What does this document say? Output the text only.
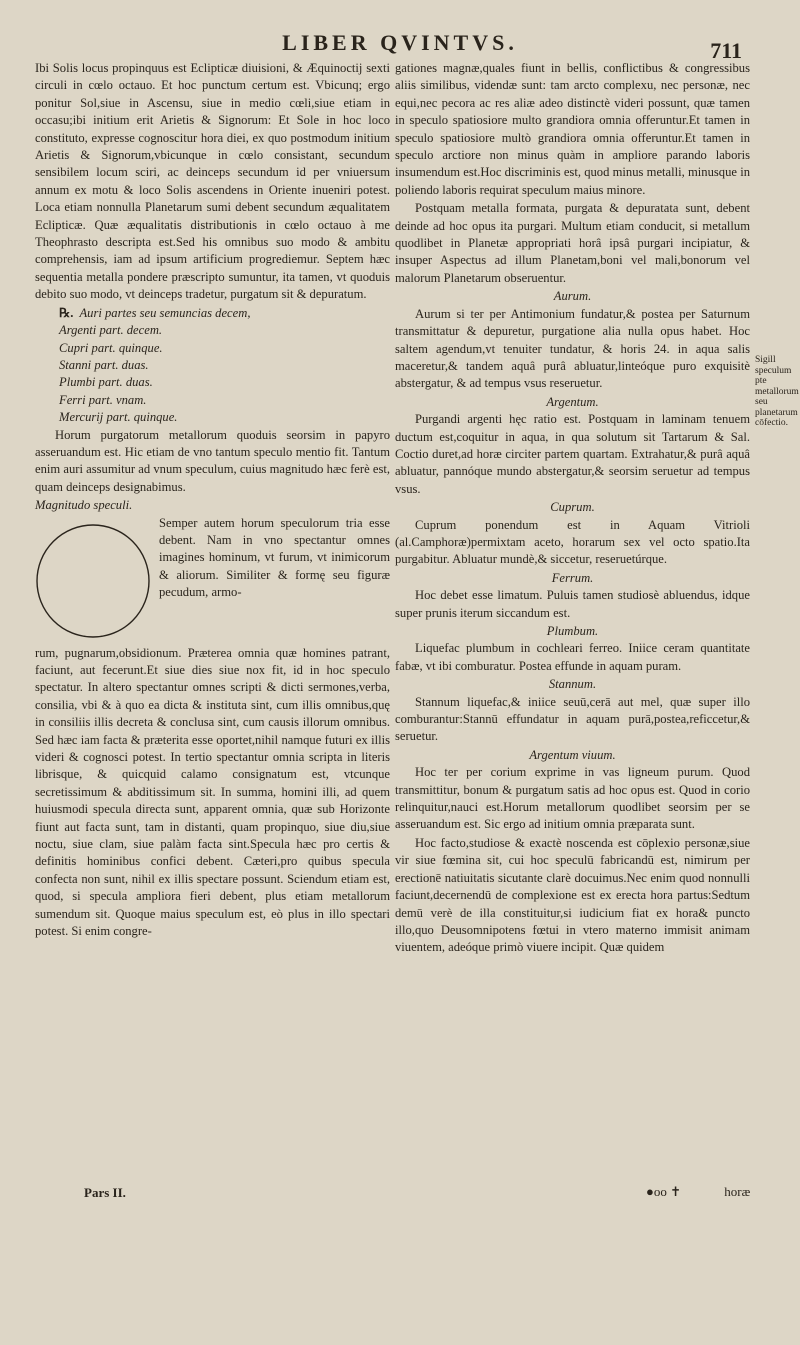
LIBER QVINTVS.	711

Ibi Solis locus propinquus est Eclipticæ diuisioni, & Æquinoctij sexti circuli in cœlo octauo. Et hoc punctum certum est. Vbicunq; ergo ponitur Sol,siue in Ascensu, siue in medio cœli,siue etiam in occasu;ibi initium erit Arietis & Signorum: Et Sole in hoc loco constituto, expresse cognoscitur hora diei, ex quo postmodum initium Arietis & Signorum,vbicunque in cœlo consistant, secundum sensibilem locum sciri, ac deinceps secundum id per vniuersum annum ex motu & loco Solis ascendens in Oriente inueniri potest. Loca etiam nonnulla Planetarum sumi debent secundum æqualitatem Eclipticæ. Quæ æqualitatis distributionis in cœlo octauo à me Theophrasto descripta est.Sed his omnibus suo modo & ambitu comprehensis, iam ad ipsum artificium progrediemur. Septem hæc sequentia metalla pondere præscripto sumuntur, ita tamen, vt quoduis debito suo modo, vt deinceps tradetur, purgatum sit & depuratum.

℞. Auri partes seu semuncias decem,
Argenti part. decem.
Cupri part. quinque.
Stanni part. duas.
Plumbi part. duas.
Ferri part. vnam.
Mercurij part. quinque.

Horum purgatorum metallorum quoduis seorsim in papyro asseruandum est. Hic etiam de vno tantum speculo mentio fit. Tantum enim auri assumitur ad vnum speculum, cuius magnitudo hæc ferè est, quam deinceps designabimus.

Magnitudo speculi.
Semper autem horum speculorum tria esse debent. Nam in vno spectantur omnes imagines hominum, vt furum, vt inimicorum & aliorum. Similiter & formę seu figuræ pecudum, armo-

rum, pugnarum,obsidionum. Præterea omnia quæ homines patrant, faciunt, aut fecerunt.Et siue dies siue nox fit, id in hoc speculo spectatur. In altero spectantur omnes scripti & dicti sermones,verba, consilia, vbi & à quo ea dicta & instituta sint, cum illis omnibus,quę in consiliis illis decreta & conclusa sint, cum causis illorum omnibus. Sed hæc iam facta & præterita esse oportet,nihil namque futuri ex illis videri & cognosci potest. In tertio spectantur omnia scripta in literis librisque, & quicquid calamo consignatum est, vtcunque secretissimum & abditissimum sit. In summa, homini illi, ad quem huiusmodi specula directa sunt, apparent omnia, quæ sub Horizonte fiunt aut facta sunt, tam in distanti, quam propinquo, siue diu,siue noctu, siue clam, siue palàm facta sint.Specula hæc pro certis & definitis hominibus confici debent. Cæteri,pro quibus specula confecta non sunt, nihil ex illis spectare possunt. Sciendum etiam est, quod, si specula ampliora fieri debent, plus etiam metallorum sumendum sit. Quoque maius speculum est, eò plus in illo spectari potest. Si enim congre-

gationes magnæ,quales fiunt in bellis, conflictibus & congressibus aliis similibus, videndæ sunt: tam arcto complexu, nec personæ, nec equi,nec pecora ac res aliæ adeo distinctè videri possunt, quæ tamen in speculo spatiosiore multo grandiora omnia offeruntur.Et tamen in speculo spatiosiore multò grandiora omnia offeruntur.Et tamen in speculo arctiore non minus quàm in ampliore parando laboris insumendum est.Hoc discriminis est, quod minus metalli, minusque in poliendo laboris requirat speculum maius minore.

Postquam metalla formata, purgata & depuratata sunt, debent deinde ad hoc opus ita purgari. Multum etiam conducit, si metallum quodlibet in Planetæ appropriati horâ ipsâ purgari incipiatur, & insuper Aspectus ad illum Planetam,boni vel mali,bonorum vel malorum Planetarum obseruentur.

Aurum.

Aurum si ter per Antimonium fundatur,& postea per Saturnum transmittatur & depuretur, purgatione alia nulla opus habet. Hoc saltem agendum,vt tenuiter tundatur, & horis 24. in aqua salis maceretur,& tandem aquâ purâ abluatur,linteóque puro exquisitè abstergatur, & ad tempus vsus reseruetur.

Argentum.

Purgandi argenti hęc ratio est. Postquam in laminam tenuem ductum est,coquitur in aqua, in qua solutum sit Tartarum & Sal. Coctio duret,ad horæ circiter partem quartam. Extrahatur,& purâ aquâ abluatur, pannóque mundo abstergatur,& seorsim seruetur ad tempus vsus.

Cuprum.

Cuprum ponendum est in Aquam Vitrioli (al.Camphoræ)permixtam aceto, horarum sex vel octo spatio.Ita purgabitur. Abluatur mundè,& siccetur, reseruetúrque.

Ferrum.

Hoc debet esse limatum. Puluis tamen studiosè abluendus, idque super prunis iterum siccandum est.

Plumbum.

Liquefac plumbum in cochleari ferreo. Iniice ceram quantitate fabæ, vt ibi comburatur. Postea effunde in aquam puram.

Stannum.

Stannum liquefac,& iniice seuū,cerā aut mel, quæ super illo comburantur:Stannū effundatur in aquam purā,postea,reficcetur,& seruetur.

Argentum viuum.

Hoc ter per corium exprime in vas ligneum purum. Quod transmittitur, bonum & purgatum satis ad hoc opus est. Quod in corio relinquitur,nauci est.Horum metallorum quodlibet seorsim per se asseruandum est. Sic ergo ad initium omnia præparata sunt.

Hoc facto,studiose & exactè noscenda est cōplexio personæ,siue vir siue fœmina sit, cui hoc speculū fabricandū est, nimirum per erectionē natiuitatis sicutante clarè docuimus.Nec enim quod nonnulli faciunt,decernendū de complexione est ex erecta hora partus:Sedtum demū verè de illa constituitur,si iudicium fiat ex hora& puncto illo,quo Deusomnipotens fœtui in vtero materno immisit animam viuentem, adeóque primò viuere incipit. Quæ quidem

Sigill speculum pte metallorum seu planetarum cōfectio.
Pars II.	●oo ✝	horæ
